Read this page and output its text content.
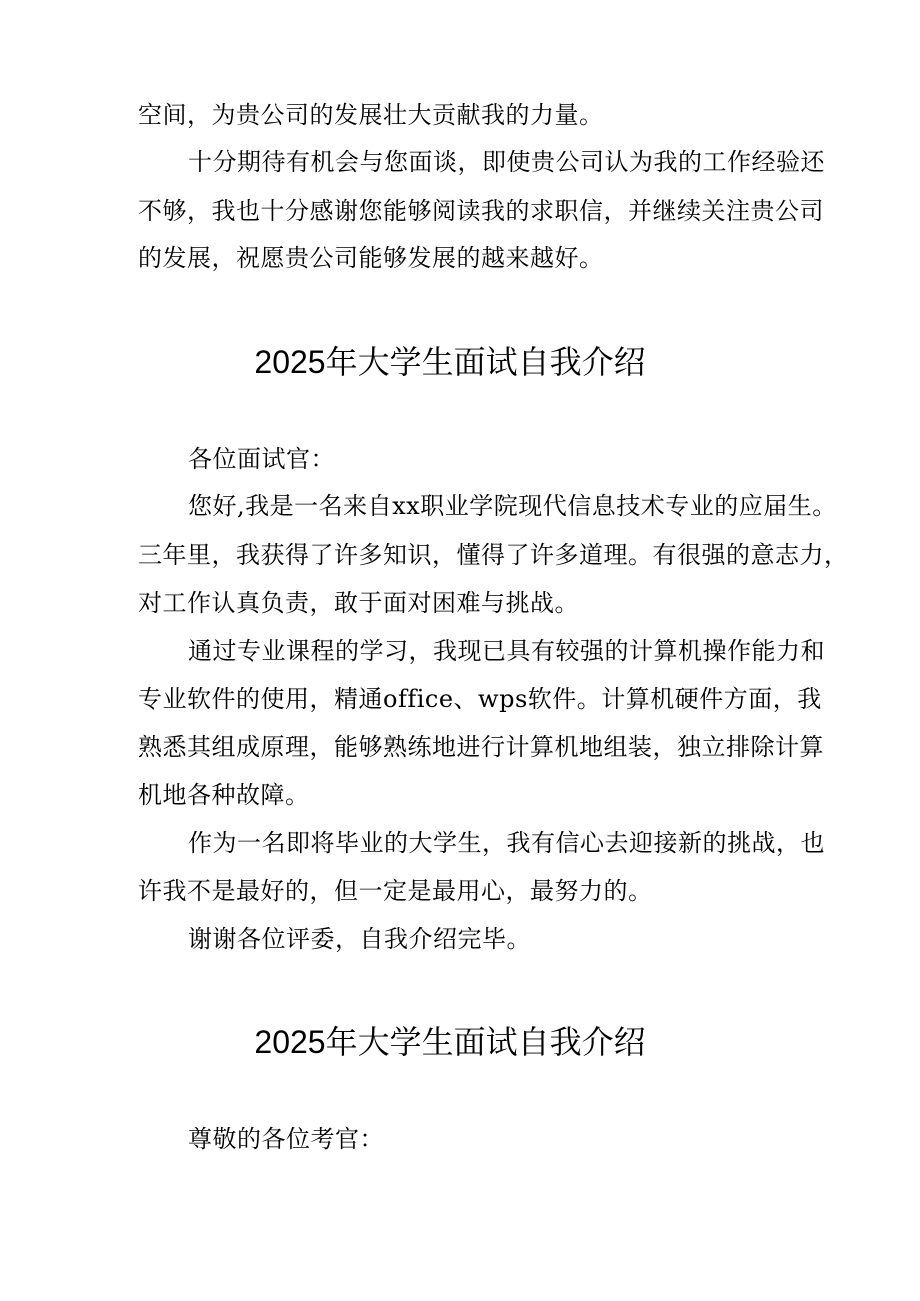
空间，为贵公司的发展壮大贡献我的力量。
十分期待有机会与您面谈，即使贵公司认为我的工作经验还
不够，我也十分感谢您能够阅读我的求职信，并继续关注贵公司
的发展，祝愿贵公司能够发展的越来越好。
2025年大学生面试自我介绍
各位面试官：
您好,我是一名来自xx职业学院现代信息技术专业的应届生。
三年里，我获得了许多知识，懂得了许多道理。有很强的意志力，
对工作认真负责，敢于面对困难与挑战。
通过专业课程的学习，我现已具有较强的计算机操作能力和
专业软件的使用，精通office、wps软件。计算机硬件方面，我
熟悉其组成原理，能够熟练地进行计算机地组装，独立排除计算
机地各种故障。
作为一名即将毕业的大学生，我有信心去迎接新的挑战，也
许我不是最好的，但一定是最用心，最努力的。
谢谢各位评委，自我介绍完毕。
2025年大学生面试自我介绍
尊敬的各位考官：
